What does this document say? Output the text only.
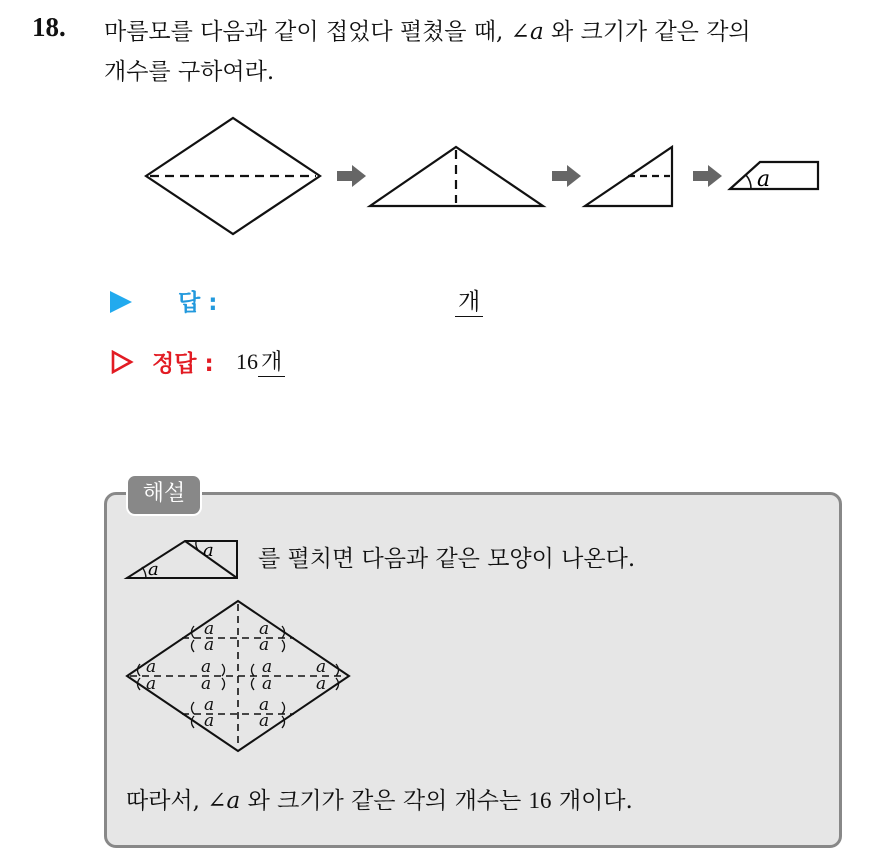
18. 마름모를 다음과 같이 접었다 펼쳤을 때, ∠a 와 크기가 같은 각의
개수를 구하여라.
a
답 :	개
정답 : 16 개
해설
a
a
a
a
a
a
a
a
a
a
a
a
a
a
a
a
a
a
를 펼치면 다음과 같은 모양이 나온다.
따라서, ∠a 와 크기가 같은 각의 개수는 16 개이다.
